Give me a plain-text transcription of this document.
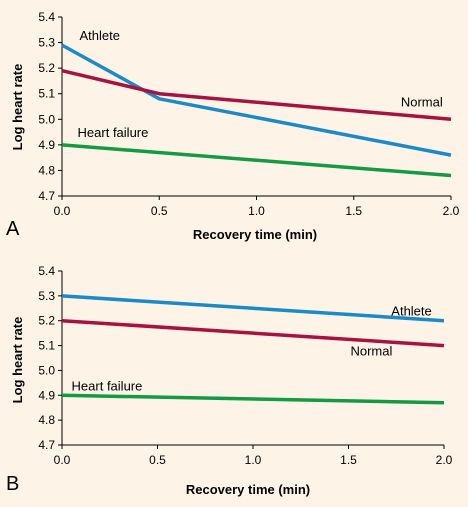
4.7
4.8
4.9
5.0
5.1
5.2
5.3
5.4
0.0	0.5	1.0	1.5	2.0
Athlete
Normal
Heart failure
A	Recovery time (min)
Log heart rate
4.7
4.8
4.9
5.0
5.1
5.2
5.3
5.4
0.0	0.5	1.0	1.5	2.0
Athlete
Normal
Heart failure
B	Recovery time (min)
Log heart rate
